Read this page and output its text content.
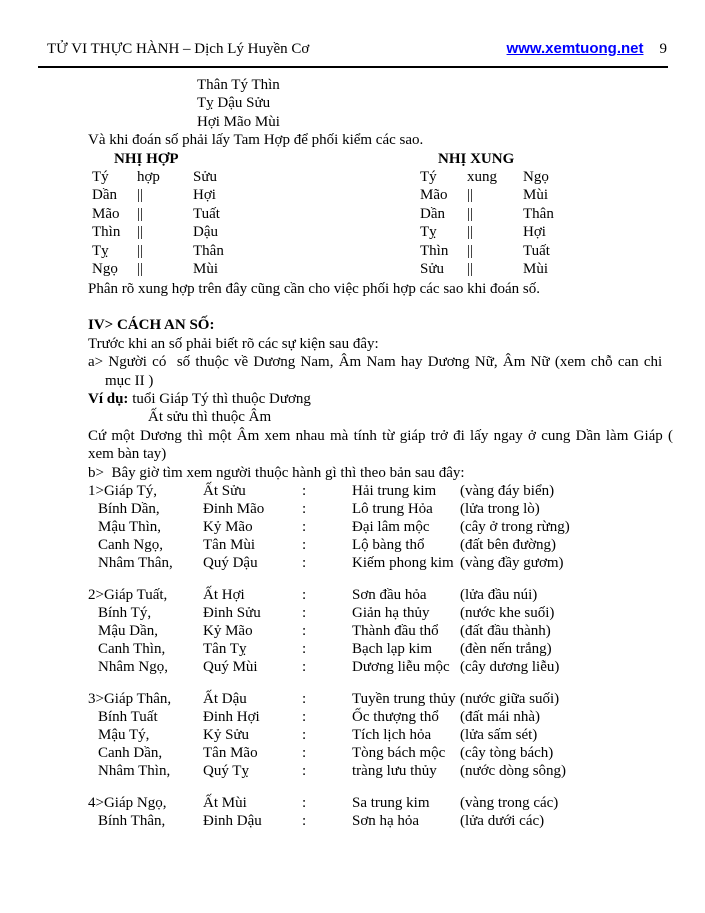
TỬ VI THỰC HÀNH – Dịch Lý Huyền Cơ	www.xemtuong.net 9
Thân Tý Thìn
Tỵ Dậu Sửu
Hợi Mão Mùi
Và khi đoán số phải lấy Tam Hợp để phối kiểm các sao.
NHỊ HỢP
Tý	hợp	Sửu
Dần	||	Hợi
Mão	||	Tuất
Thìn	||	Dậu
Tỵ	||	Thân
Ngọ	||	Mùi
NHỊ XUNG
Tý	xung	Ngọ
Mão	||	Mùi
Dần	||	Thân
Tỵ	||	Hợi
Thìn	||	Tuất
Sửu	||	Mùi
Phân rõ xung hợp trên đây cũng cần cho việc phối hợp các sao khi đoán số.
IV> CÁCH AN SỐ:
Trước khi an số phải biết rõ các sự kiện sau đây:
a> Người có  số thuộc về Dương Nam, Âm Nam hay Dương Nữ, Âm Nữ (xem chỗ can chi
mục II )
Ví dụ: tuổi Giáp Tý thì thuộc Dương
Ất sửu thì thuộc Âm
Cứ một Dương thì một Âm xem nhau mà tính từ giáp trở đi lấy ngay ở cung Dần làm Giáp (
xem bàn tay)
b>  Bây giờ tìm xem người thuộc hành gì thì theo bản sau đây:
1>Giáp Tý,	Ất Sửu	:	Hải trung kim	(vàng đáy biển)
Bính Dần,	Đinh Mão	:	Lô trung Hỏa	(lửa trong lò)
Mậu Thìn,	Kỷ Mão	:	Đại lâm mộc	(cây ở trong rừng)
Canh Ngọ,	Tân Mùi	:	Lộ bàng thổ	(đất bên đường)
Nhâm Thân,	Quý Dậu	:	Kiếm phong kim (vàng đầy gươm)
2>Giáp Tuất,	Ất Hợi	:	Sơn đầu hỏa	(lửa đầu núi)
Bính Tý,	Đinh Sửu	:	Giản hạ thủy	(nước khe suối)
Mậu Dần,	Kỷ Mão	:	Thành đầu thổ	(đất đầu thành)
Canh Thìn,	Tân Tỵ	:	Bạch lạp kim	(đèn nến trắng)
Nhâm Ngọ,	Quý Mùi	:	Dương liễu mộc (cây dương liễu)
3>Giáp Thân,	Ất Dậu	:	Tuyền trung thủy (nước giữa suối)
Bính Tuất	Đinh Hợi	:	Ốc thượng thổ	(đất mái nhà)
Mậu Tý,	Kỷ Sửu	:	Tích lịch hỏa	(lửa sấm sét)
Canh Dần,	Tân Mão	:	Tòng bách mộc (cây tòng bách)
Nhâm Thìn,	Quý Tỵ	:	tràng lưu thủy	(nước dòng sông)
4>Giáp Ngọ,	Ất Mùi	:	Sa trung kim	(vàng trong các)
Bính Thân,	Đinh Dậu	:	Sơn hạ hỏa	(lửa dưới các)
